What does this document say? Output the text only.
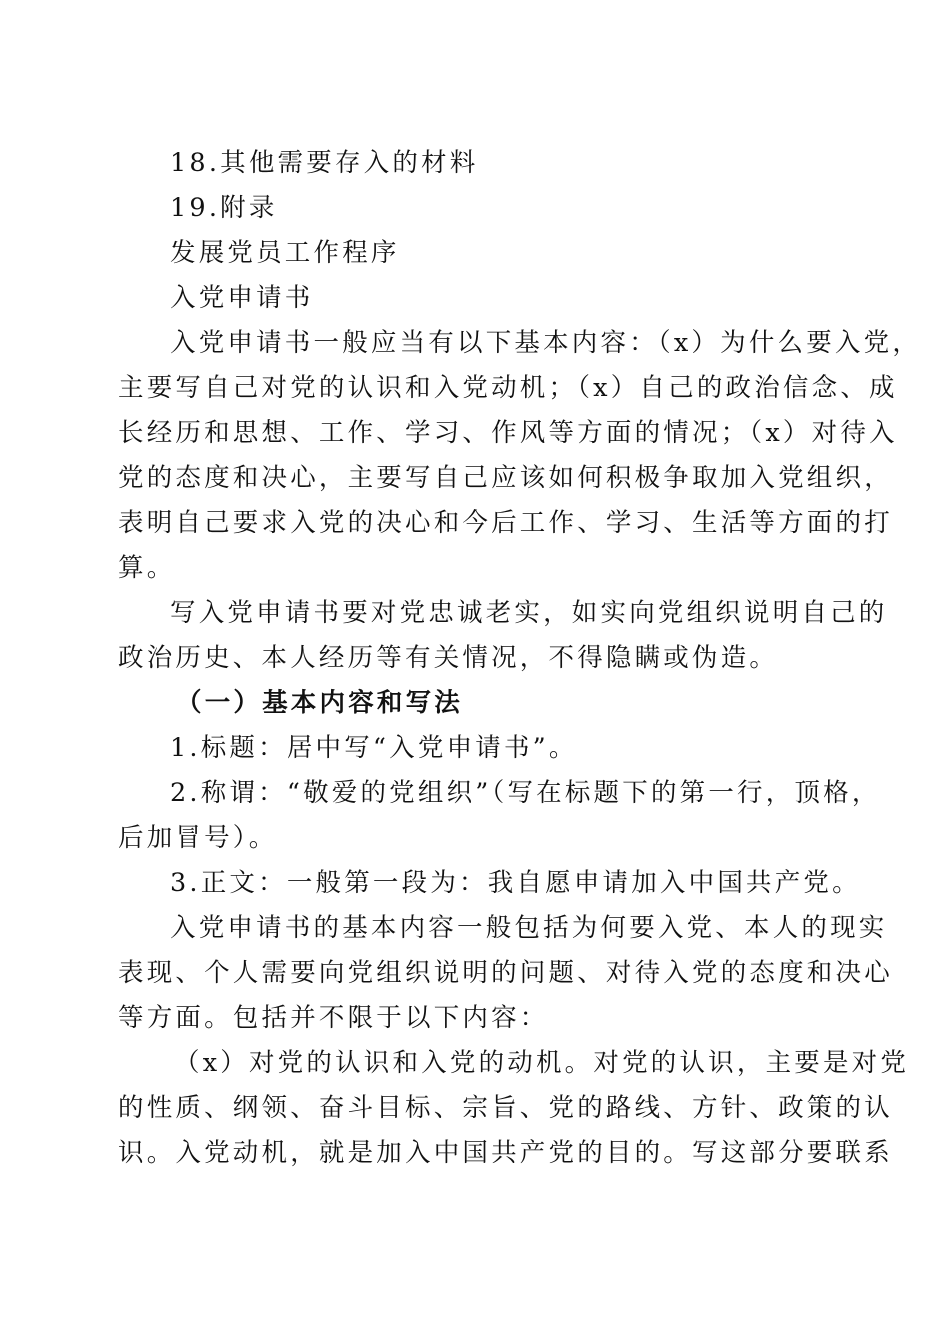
18.其他需要存入的材料
19.附录
发展党员工作程序
入党申请书
入党申请书一般应当有以下基本内容：（x）为什么要入党，
主要写自己对党的认识和入党动机；（x）自己的政治信念、成
长经历和思想、工作、学习、作风等方面的情况；（x）对待入
党的态度和决心，主要写自己应该如何积极争取加入党组织，
表明自己要求入党的决心和今后工作、学习、生活等方面的打
算。
写入党申请书要对党忠诚老实，如实向党组织说明自己的
政治历史、本人经历等有关情况，不得隐瞒或伪造。
（一）基本内容和写法
1.标题：居中写“入党申请书”。
2.称谓：“敬爱的党组织”（写在标题下的第一行，顶格，
后加冒号）。
3.正文：一般第一段为：我自愿申请加入中国共产党。
入党申请书的基本内容一般包括为何要入党、本人的现实
表现、个人需要向党组织说明的问题、对待入党的态度和决心
等方面。包括并不限于以下内容：
（x）对党的认识和入党的动机。对党的认识，主要是对党
的性质、纲领、奋斗目标、宗旨、党的路线、方针、政策的认
识。入党动机，就是加入中国共产党的目的。写这部分要联系
